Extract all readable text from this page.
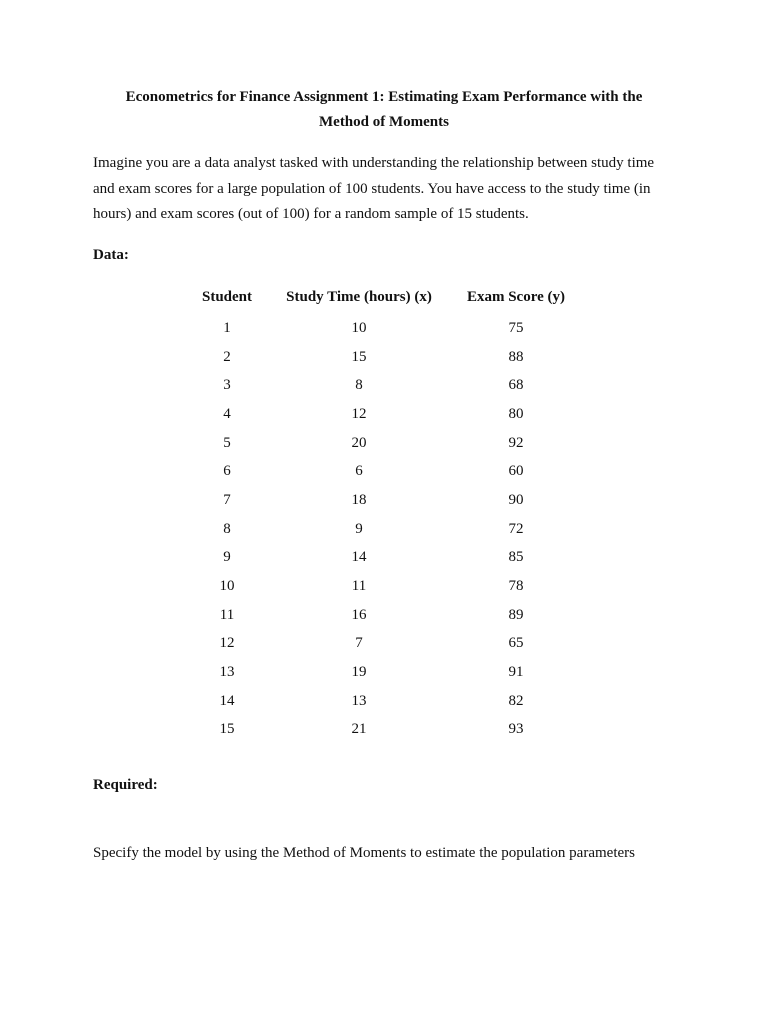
Econometrics for Finance Assignment 1: Estimating Exam Performance with the
Method of Moments
Imagine you are a data analyst tasked with understanding the relationship between study time
and exam scores for a large population of 100 students. You have access to the study time (in
hours) and exam scores (out of 100) for a random sample of 15 students.
Data:
Student	Study Time (hours) (x)	Exam Score (y)
1	10	75
2	15	88
3	8	68
4	12	80
5	20	92
6	6	60
7	18	90
8	9	72
9	14	85
10	11	78
11	16	89
12	7	65
13	19	91
14	13	82
15	21	93
Required:
Specify the model by using the Method of Moments to estimate the population parameters
